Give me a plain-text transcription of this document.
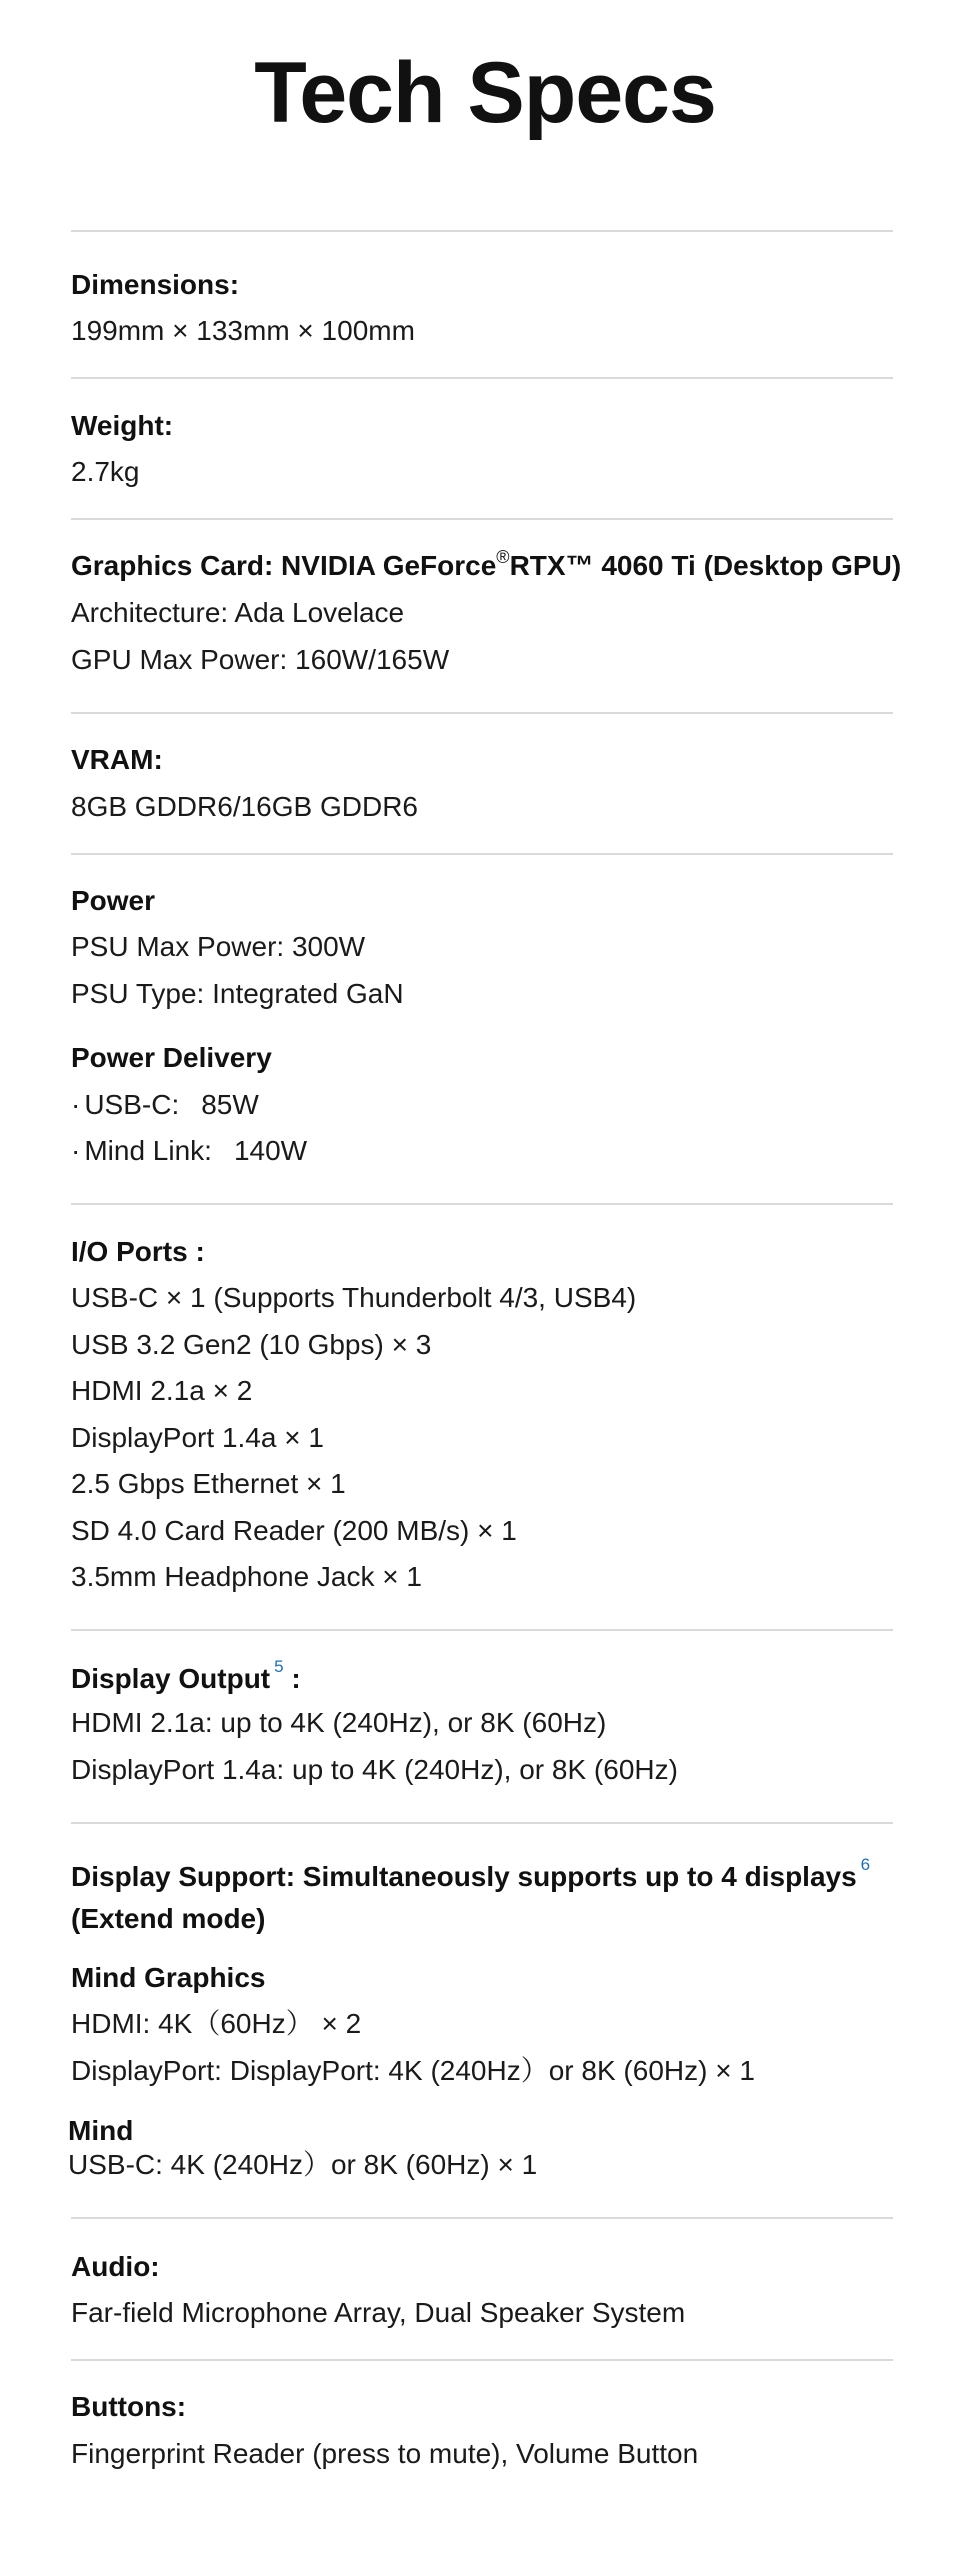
Tech Specs
Dimensions:
199mm × 133mm × 100mm
Weight:
2.7kg
Graphics Card: NVIDIA GeForce®RTX™ 4060 Ti (Desktop GPU)
Architecture: Ada Lovelace
GPU Max Power: 160W/165W
VRAM:
8GB GDDR6/16GB GDDR6
Power
PSU Max Power: 300W
PSU Type: Integrated GaN
Power Delivery
· USB-C: 85W
· Mind Link: 140W
I/O Ports :
USB-C × 1 (Supports Thunderbolt 4/3, USB4)
USB 3.2 Gen2 (10 Gbps) × 3
HDMI 2.1a × 2
DisplayPort 1.4a × 1
2.5 Gbps Ethernet × 1
SD 4.0 Card Reader (200 MB/s) × 1
3.5mm Headphone Jack × 1
Display Output $^5$ :
HDMI 2.1a: up to 4K (240Hz), or 8K (60Hz)
DisplayPort 1.4a: up to 4K (240Hz), or 8K (60Hz)
Display Support: Simultaneously supports up to 4 displays $^6$
(Extend mode)
Mind Graphics
HDMI: 4K（60Hz） × 2
DisplayPort: DisplayPort: 4K (240Hz）or 8K (60Hz) × 1
Mind
USB-C: 4K (240Hz）or 8K (60Hz) × 1
Audio:
Far-field Microphone Array, Dual Speaker System
Buttons:
Fingerprint Reader (press to mute), Volume Button
